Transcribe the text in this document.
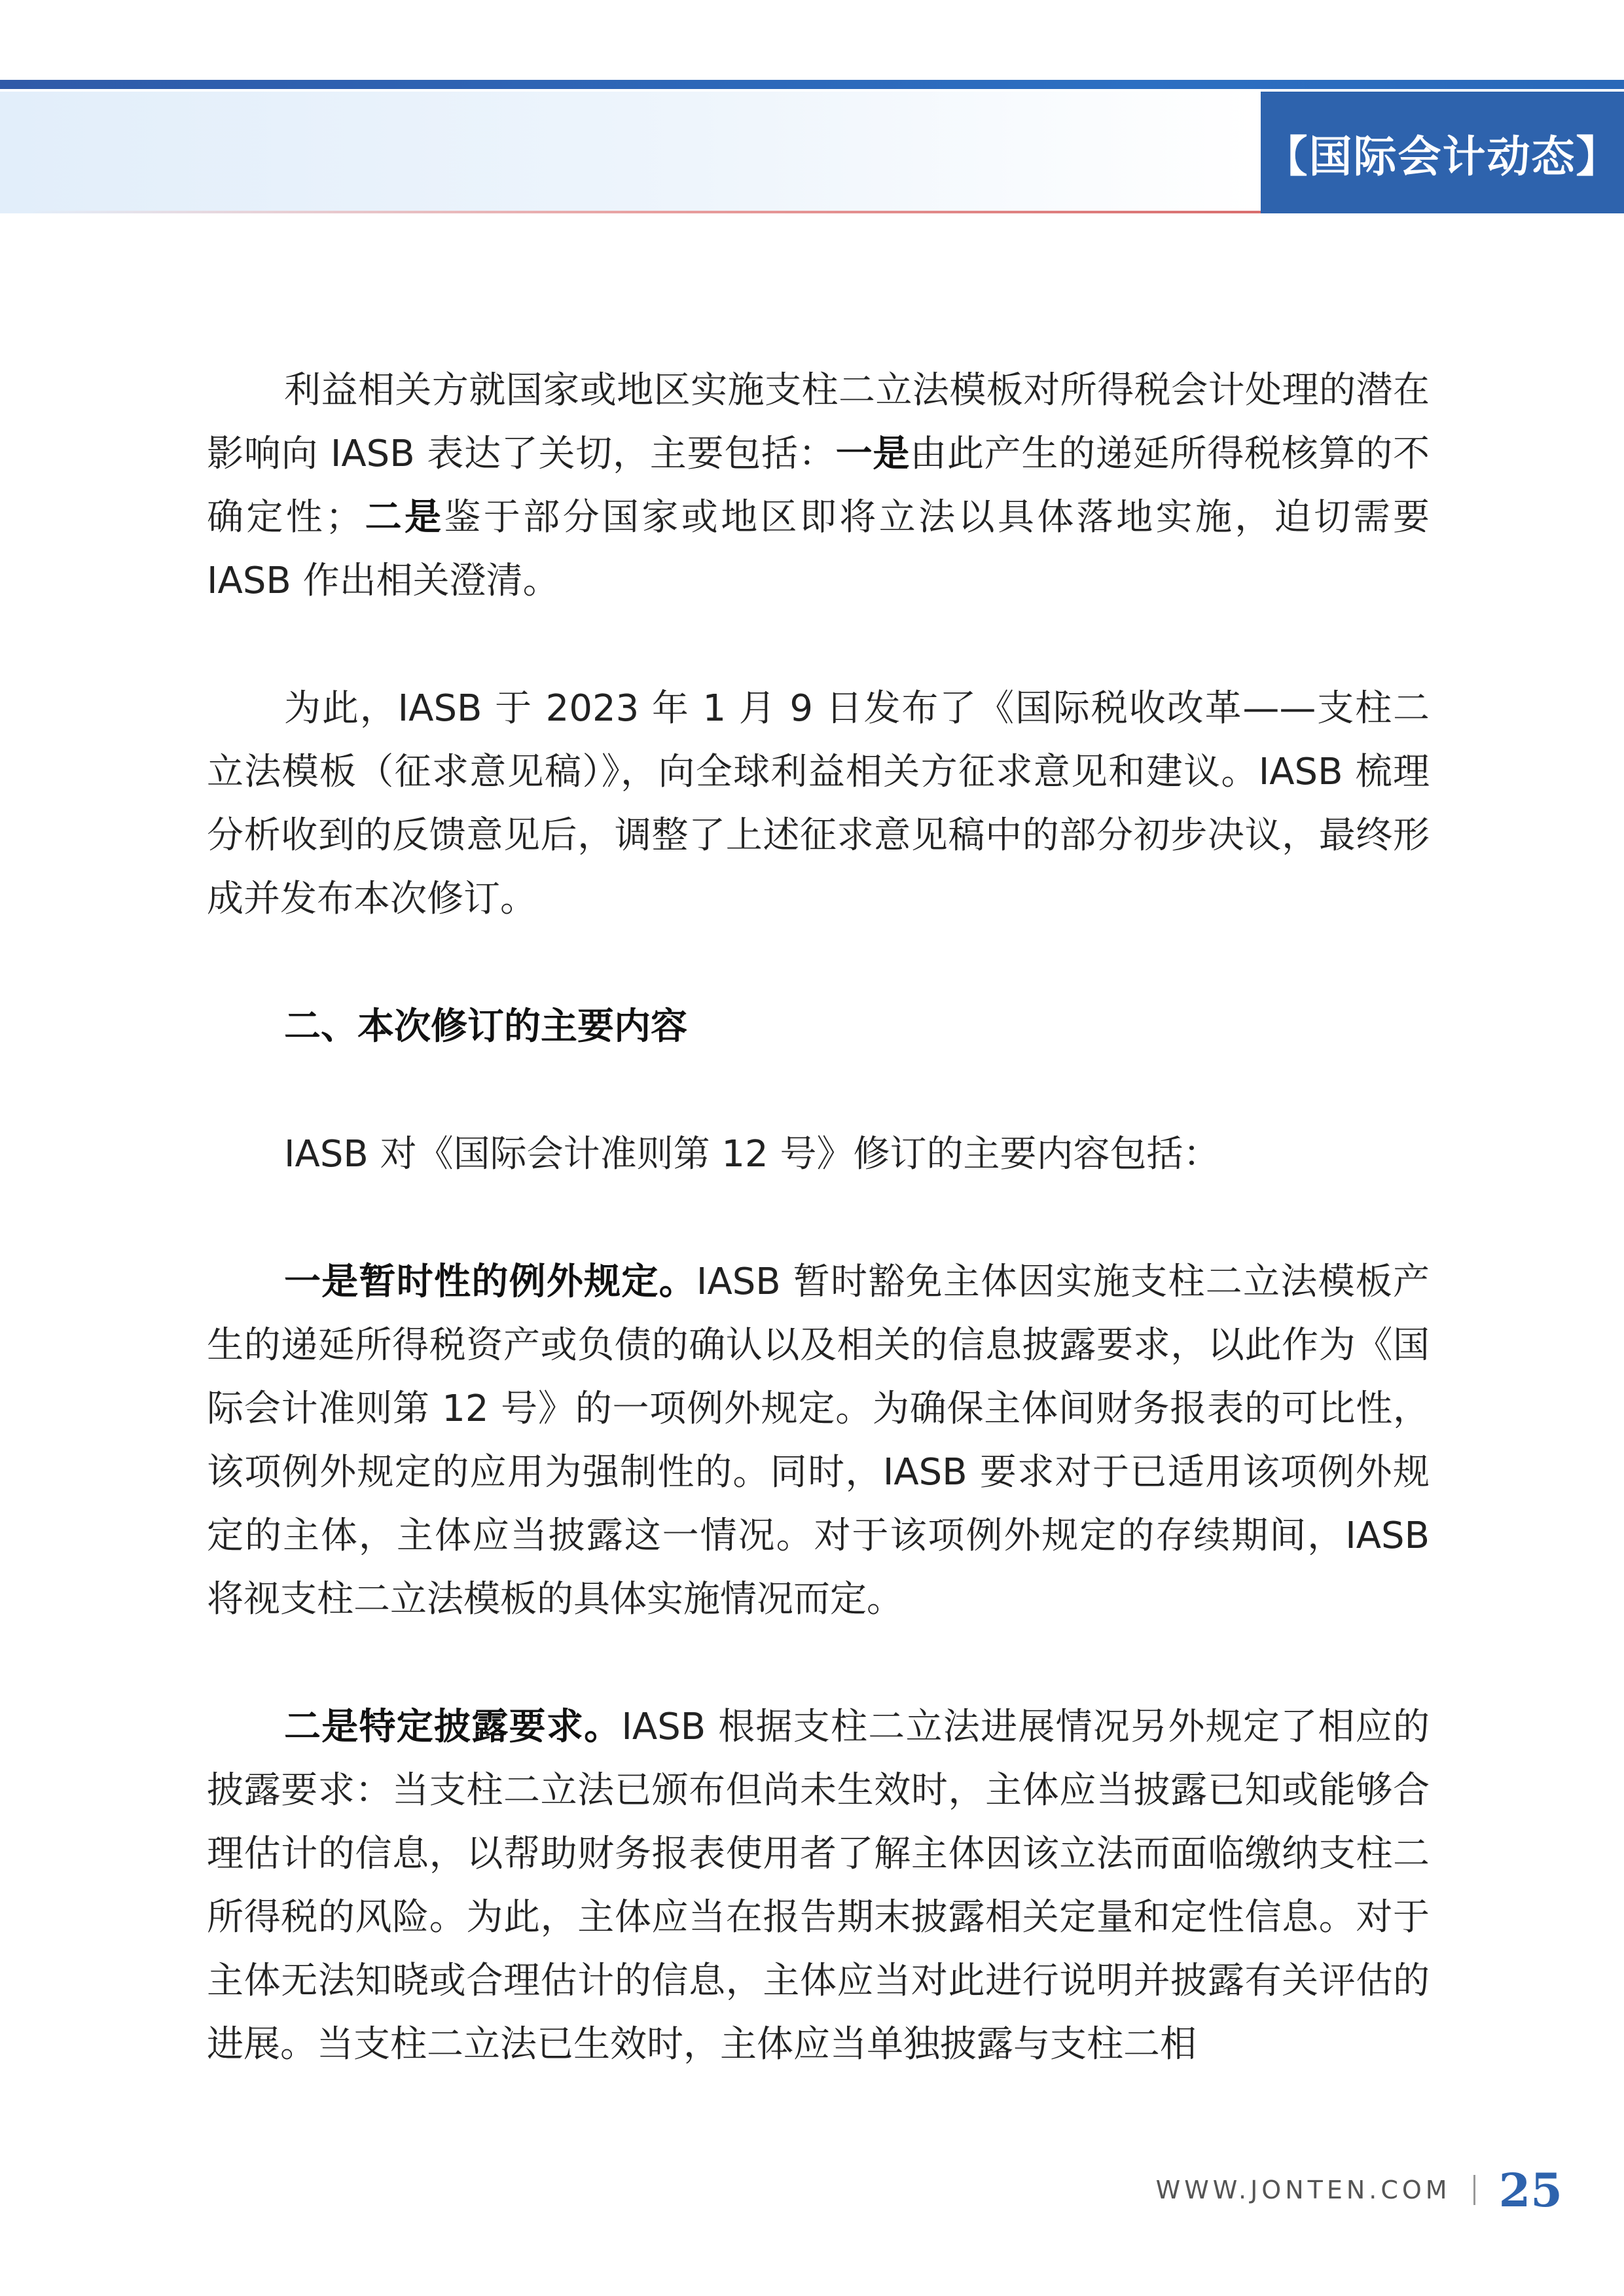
【国际会计动态】

利益相关方就国家或地区实施支柱二立法模板对所得税会计处理的潜在影响向 IASB 表达了关切，主要包括：一是由此产生的递延所得税核算的不确定性；二是鉴于部分国家或地区即将立法以具体落地实施，迫切需要 IASB 作出相关澄清。

为此，IASB 于 2023 年 1 月 9 日发布了《国际税收改革——支柱二立法模板（征求意见稿）》，向全球利益相关方征求意见和建议。IASB 梳理分析收到的反馈意见后，调整了上述征求意见稿中的部分初步决议，最终形成并发布本次修订。

二、本次修订的主要内容

IASB 对《国际会计准则第 12 号》修订的主要内容包括：

一是暂时性的例外规定。IASB 暂时豁免主体因实施支柱二立法模板产生的递延所得税资产或负债的确认以及相关的信息披露要求，以此作为《国际会计准则第 12 号》的一项例外规定。为确保主体间财务报表的可比性，该项例外规定的应用为强制性的。同时，IASB 要求对于已适用该项例外规定的主体，主体应当披露这一情况。对于该项例外规定的存续期间，IASB 将视支柱二立法模板的具体实施情况而定。

二是特定披露要求。IASB 根据支柱二立法进展情况另外规定了相应的披露要求：当支柱二立法已颁布但尚未生效时，主体应当披露已知或能够合理估计的信息，以帮助财务报表使用者了解主体因该立法而面临缴纳支柱二所得税的风险。为此，主体应当在报告期末披露相关定量和定性信息。对于主体无法知晓或合理估计的信息，主体应当对此进行说明并披露有关评估的进展。当支柱二立法已生效时，主体应当单独披露与支柱二相

WWW.JONTEN.COM 25
